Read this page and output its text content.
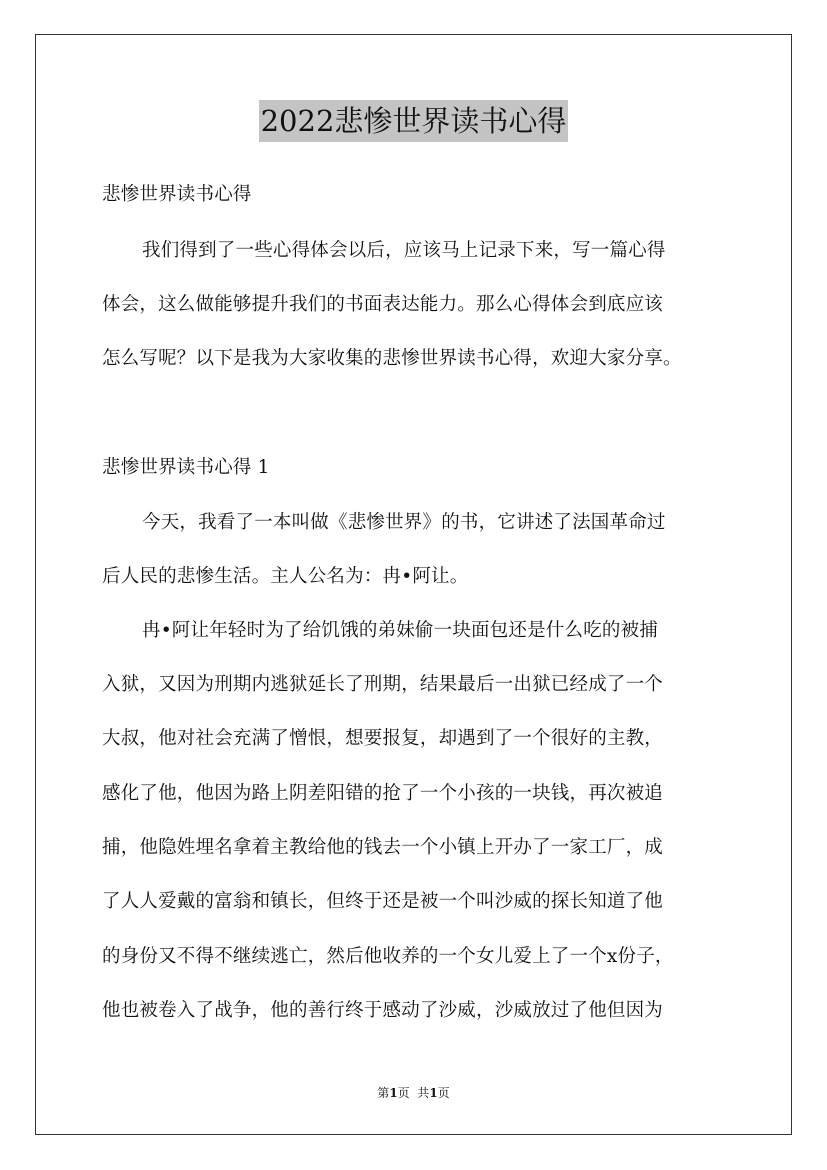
2022悲惨世界读书心得
悲惨世界读书心得
我们得到了一些心得体会以后，应该马上记录下来，写一篇心得
体会，这么做能够提升我们的书面表达能力。那么心得体会到底应该
怎么写呢？以下是我为大家收集的悲惨世界读书心得，欢迎大家分享。
悲惨世界读书心得 1
今天，我看了一本叫做《悲惨世界》的书，它讲述了法国革命过
后人民的悲惨生活。主人公名为：冉•阿让。
冉•阿让年轻时为了给饥饿的弟妹偷一块面包还是什么吃的被捕
入狱，又因为刑期内逃狱延长了刑期，结果最后一出狱已经成了一个
大叔，他对社会充满了憎恨，想要报复，却遇到了一个很好的主教，
感化了他，他因为路上阴差阳错的抢了一个小孩的一块钱，再次被追
捕，他隐姓埋名拿着主教给他的钱去一个小镇上开办了一家工厂，成
了人人爱戴的富翁和镇长，但终于还是被一个叫沙威的探长知道了他
的身份又不得不继续逃亡，然后他收养的一个女儿爱上了一个x份子，
他也被卷入了战争，他的善行终于感动了沙威，沙威放过了他但因为
第1页  共1页
